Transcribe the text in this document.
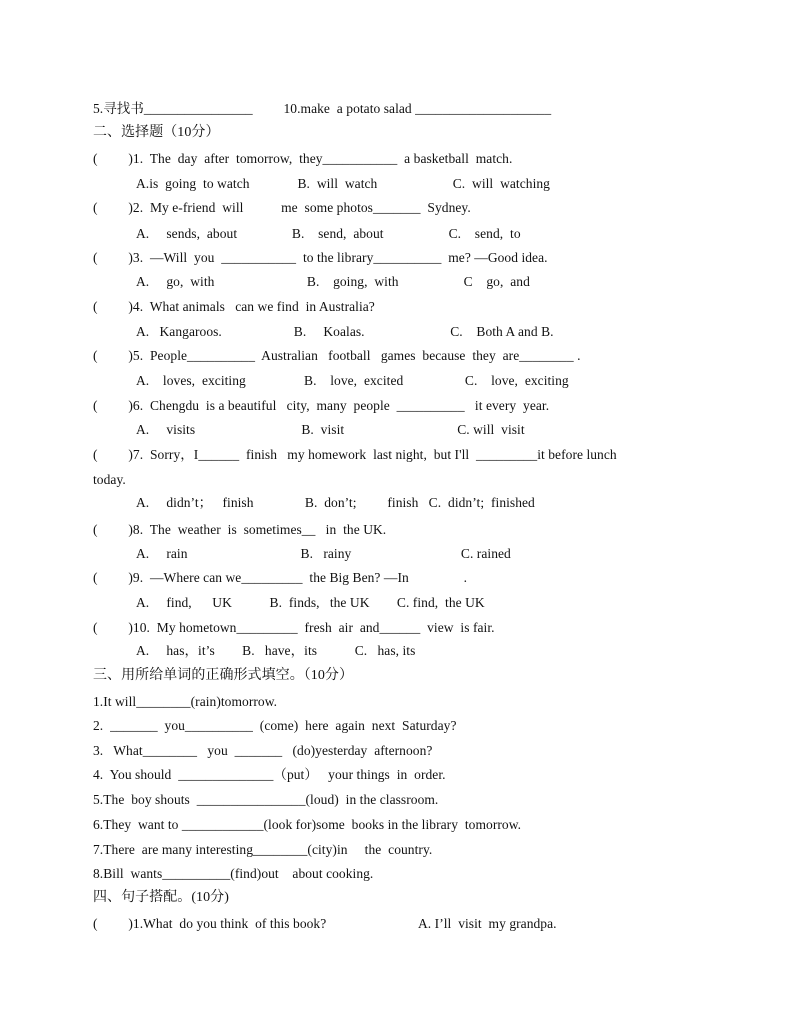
5.寻找书________________         10.make  a potato salad ____________________
二、选择题（10分）
(         )1.  The  day  after  tomorrow,  they___________  a basketball  match.
A.is  going  to watch              B.  will  watch                      C.  will  watching
(         )2.  My e-friend  will           me  some photos_______  Sydney.
A.     sends,  about                B.    send,  about                   C.    send,  to
(         )3.  —Will  you  ___________  to the library__________  me? —Good idea.
A.     go,  with                           B.    going,  with                   C    go,  and
(         )4.  What animals   can we find  in Australia?
A.   Kangaroos.                     B.     Koalas.                         C.    Both A and B.
(         )5.  People__________  Australian   football   games  because  they  are________ .
A.    loves,  exciting                 B.    love,  excited                  C.    love,  exciting
(         )6.  Chengdu  is a beautiful   city,  many  people  __________   it every  year.
A.     visits                               B.  visit                                 C. will  visit
(         )7.  Sorry，I______  finish   my homework  last night,  but I'll  _________it before lunch
today.
A.     didn’t；   finish               B.  don’t;         finish   C.  didn’t;  finished
(         )8.  The  weather  is  sometimes__   in  the UK.
A.     rain                                 B.   rainy                                C. rained
(         )9.  —Where can we_________  the Big Ben? —In                .
A.     find,      UK           B.  finds,   the UK        C. find,  the UK
(         )10.  My hometown_________  fresh  air  and______  view  is fair.
A.     has，it’s        B.   have，its           C.   has, its
三、用所给单词的正确形式填空。（10分）
1.It will________(rain)tomorrow.
2.  _______  you__________  (come)  here  again  next  Saturday?
3.   What________   you  _______   (do)yesterday  afternoon?
4.  You should  ______________（put）   your things  in  order.
5.The  boy shouts  ________________(loud)  in the classroom.
6.They  want to ____________(look for)some  books in the library  tomorrow.
7.There  are many interesting________(city)in     the  country.
8.Bill  wants__________(find)out    about cooking.
四、句子搭配。(10分)
(         )1.What  do you think  of this book?                           A. I’ll  visit  my grandpa.
